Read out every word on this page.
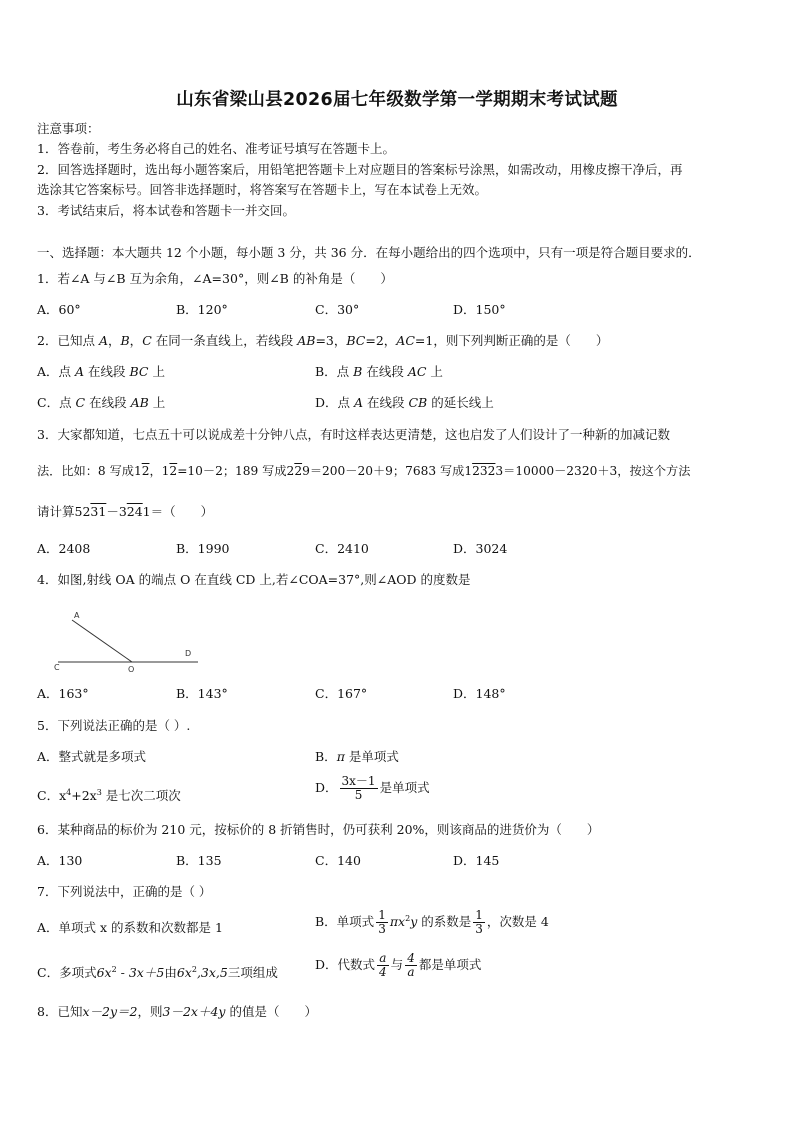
山东省梁山县2026届七年级数学第一学期期末考试试题
注意事项：
1．答卷前，考生务必将自己的姓名、准考证号填写在答题卡上。
2．回答选择题时，选出每小题答案后，用铅笔把答题卡上对应题目的答案标号涂黑，如需改动，用橡皮擦干净后，再
选涂其它答案标号。回答非选择题时，将答案写在答题卡上，写在本试卷上无效。
3．考试结束后，将本试卷和答题卡一并交回。
一、选择题：本大题共 12 个小题，每小题 3 分，共 36 分．在每小题给出的四个选项中，只有一项是符合题目要求的．
1．若∠A 与∠B 互为余角，∠A=30°，则∠B 的补角是（　　）
A．60°	B．120°	C．30°	D．150°
2．已知点 A，B，C 在同一条直线上，若线段 AB=3，BC=2，AC=1，则下列判断正确的是（　　）
A．点 A 在线段 BC 上	B．点 B 在线段 AC 上
C．点 C 在线段 AB 上	D．点 A 在线段 CB 的延长线上
3．大家都知道，七点五十可以说成差十分钟八点，有时这样表达更清楚，这也启发了人们设计了一种新的加减记数
法．比如：8 写成12，12=10－2；189 写成229＝200－20＋9；7683 写成12323＝10000－2320＋3，按这个方法
请计算5231－3241＝（　　）
A．2408	B．1990	C．2410	D．3024
4．如图,射线 OA 的端点 O 在直线 CD 上,若∠COA=37°,则∠AOD 的度数是
A
C	O
D
A．163°	B．143°	C．167°	D．148°
5．下列说法正确的是（ ）.
A．整式就是多项式	B．π 是单项式
C．$x^4+2x^3$ 是七次二项次
D． $\frac{3x-1}{5}$ 是单项式
6．某种商品的标价为 210 元，按标价的 8 折销售时，仍可获利 20%，则该商品的进货价为（　　）
A．130	B．135	C．140	D．145
7．下列说法中，正确的是（ ）
A．单项式 x 的系数和次数都是 1	B．单项式 $\frac{1}{3} \pi x^2y$ 的系数是 $\frac{1}{3}$ ，次数是 4
C．多项式$6x^2 - 3x+5$由$6x^2,3x,5$三项组成
D．代数式 $\frac{a}{4}$ 与 $\frac{4}{a}$ 都是单项式
8．已知x－2y＝2，则3－2x＋4y 的值是（　　）
